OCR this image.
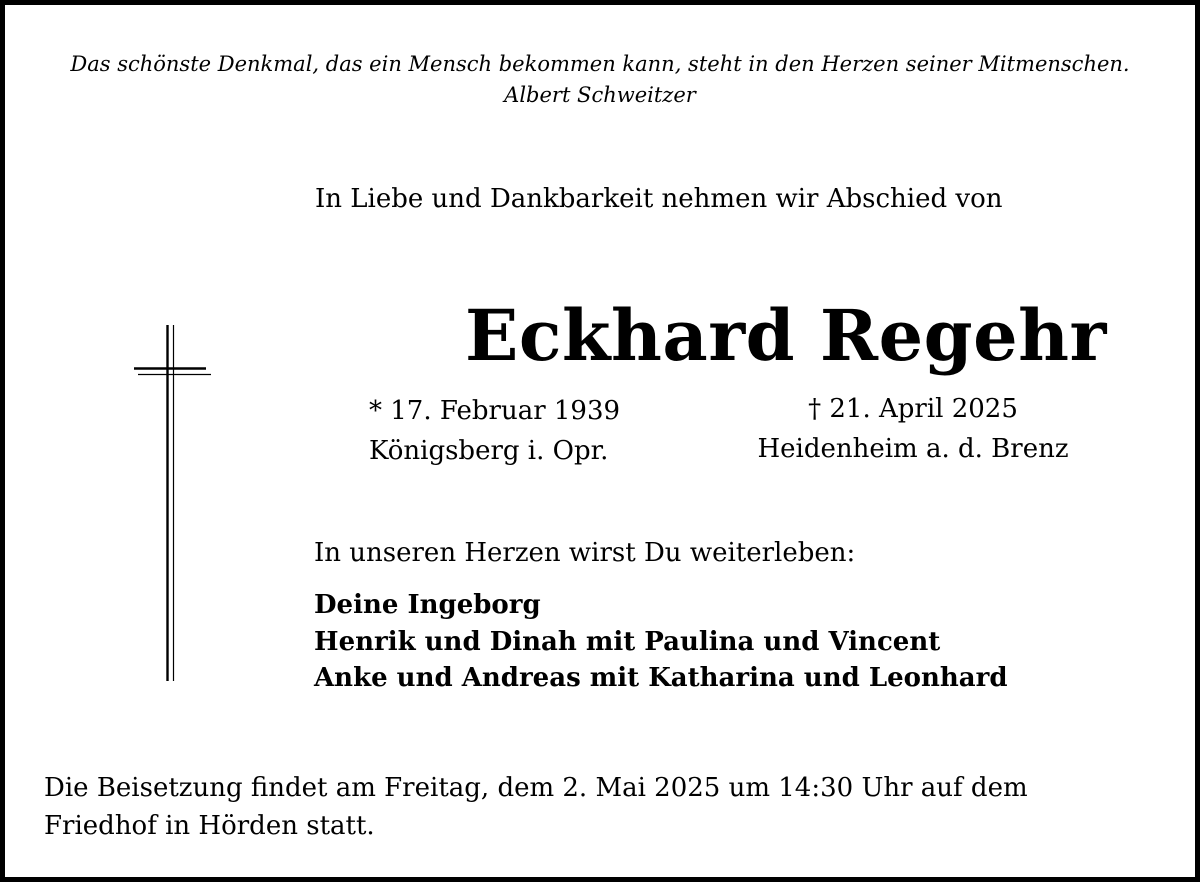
Das schönste Denkmal, das ein Mensch bekommen kann, steht in den Herzen seiner Mitmenschen.
Albert Schweitzer
In Liebe und Dankbarkeit nehmen wir Abschied von
Eckhard Regehr
* 17. Februar 1939
Königsberg i. Opr.
† 21. April 2025
Heidenheim a. d. Brenz
In unseren Herzen wirst Du weiterleben:
Deine Ingeborg
Henrik und Dinah mit Paulina und Vincent
Anke und Andreas mit Katharina und Leonhard
Die Beisetzung findet am Freitag, dem 2. Mai 2025 um 14:30 Uhr auf dem
Friedhof in Hörden statt.
